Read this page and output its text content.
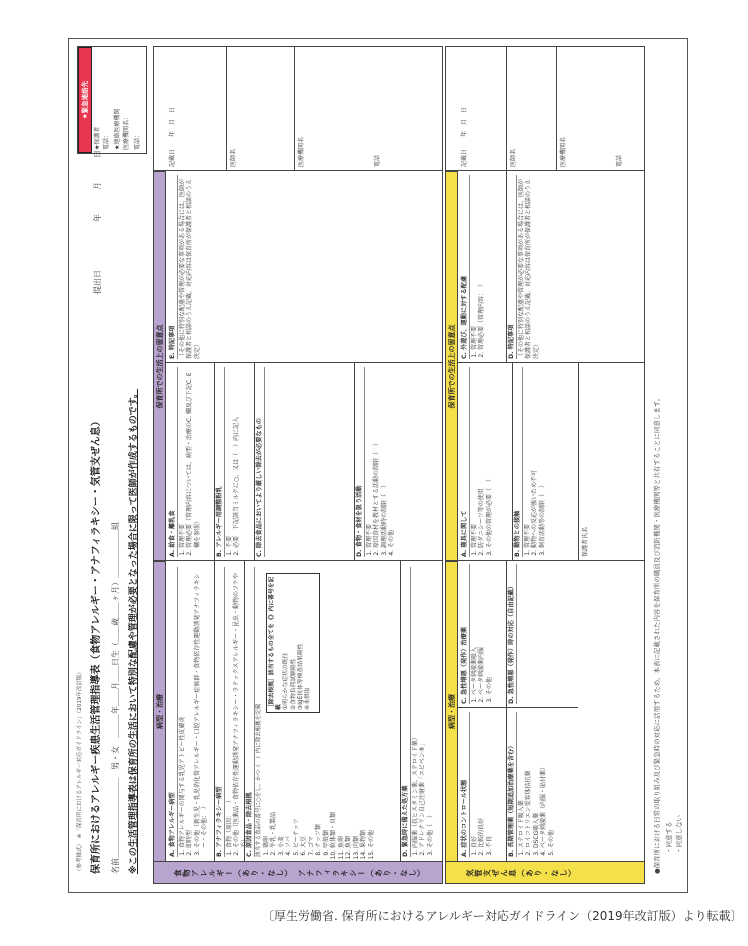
〈参考様式〉　※「保育所におけるアレルギー対応ガイドライン」（2019年改訂版） 保育所におけるアレルギー疾患生活管理指導表（食物アレルギー・アナフィラキシー・気管支ぜん息）
提出日　　　　　　年　　　月　　　日
名前＿＿＿＿＿＿＿＿＿＿　男・女　＿＿＿年＿＿月＿＿日生（＿＿歳＿＿ヶ月）＿＿＿＿＿＿組 ※この生活管理指導表は保育所の生活において特別な配慮や管理が必要となった場合に限って医師が作成するものです。
★緊急連絡先
★保護者 電話： ★連絡医療機関 医療機関名： 電話：
食物アレルギー（あり・なし）　アナフィラキシー（あり・なし）
病型・治療
保育所での生活上の留意点
A. 食物アレルギー病型 1. 食物アレルギーの関与する乳児アトピー性皮膚炎 2. 即時型 3. その他（新生児・乳児消化管アレルギー・口腔アレルギー症候群・食物依存性運動誘発アナフィラキシー・その他：　） B. アナフィラキシー病型 1. 食物（原因：　　） 2. その他（医薬品・食物依存性運動誘発アナフィラキシー・ラテックスアレルギー・昆虫・動物のフケや毛）
C. 原因食品・除去根拠 該当する食品の番号に○をし、かつ《　》内に除去根拠を記載 1. 鶏卵 2. 牛乳・乳製品 3. 小麦 4. ソバ 5. ピーナッツ 6. 大豆 7. ゴマ 8. ナッツ類 9. 甲殻類 10. 軟体類・貝類 11. 魚卵 12. 魚類 13. 肉類 14. 果物類 15. その他
［除去根拠］該当するもの全てを《》内に番号を記載 ①明らかな症状の既往 ②食物負荷試験陽性 ③IgE抗体等検査結果陽性 ④未摂取
D. 緊急時に備えた処方薬 1. 内服薬（抗ヒスタミン薬、ステロイド薬） 2. アドレナリン自己注射薬「エピペン®」 3. その他（　）
A. 給食・離乳食 1. 管理不要 2. 管理必要（管理内容については、病型・治療のC. 欄及び下記C. E欄を参照） B. アレルギー用調整粉乳 1. 不要 2. 必要　下記該当ミルクに○、又は（　）内に記入	C. 除去食品においてより厳しい除去が必要なもの	D. 食物・食材を扱う活動 1. 管理不要 2. 原因食材を教材とする活動の制限（　） 3. 調理活動時の制限（　） 4. その他
E. 特記事項 （その他に特別な配慮や管理が必要な事項がある場合には、医師が保護者と相談のうえ記載。対応内容は保育所が保護者と相談のうえ決定）
記載日　　年　月　日	医師名	医療機関名	電話
気管支ぜん息（あり・なし）
病型・治療
保育所での生活上の留意点
A. 症状のコントロール状態 1. 良好 2. 比較的良好 3. 不良
C. 急性増悪（発作）治療薬 1. ベータ刺激薬吸入 2. ベータ刺激薬内服 3. その他
B. 長期管理薬（短期追加治療薬を含む） 1. ステロイド吸入薬 2. ロイコトリエン受容体拮抗薬 3. DSCG吸入薬 4. ベータ刺激薬（内服・貼付薬） 5. その他
D. 急性増悪（発作）時の対応（自由記載）
A. 寝具に関して 1. 管理不要 2. 防ダニシーツ等の使用 3. その他の管理が必要（　）	B. 動物との接触 1. 管理不要 2. 動物への反応が強いため不可 3. 飼育活動等の制限（　）	保護者氏名
C. 外遊び、運動に対する配慮 1. 管理不要 2. 管理必要（管理内容：　）	D. 特記事項 （その他に特別な配慮や管理が必要な事項がある場合には、医師が保護者と相談のうえ記載。対応内容は保育所が保護者と相談のうえ決定）
記載日　　年　月　日	医師名	医療機関名	電話
●保育所における日常の取り組み及び緊急時の対応に活用するため、本表に記載された内容を保育所の職員及び消防機関・医療機関等と共有することに同意します。 ・同意する ・同意しない
〔厚生労働省. 保育所におけるアレルギー対応ガイドライン（2019年改訂版）より転載〕
